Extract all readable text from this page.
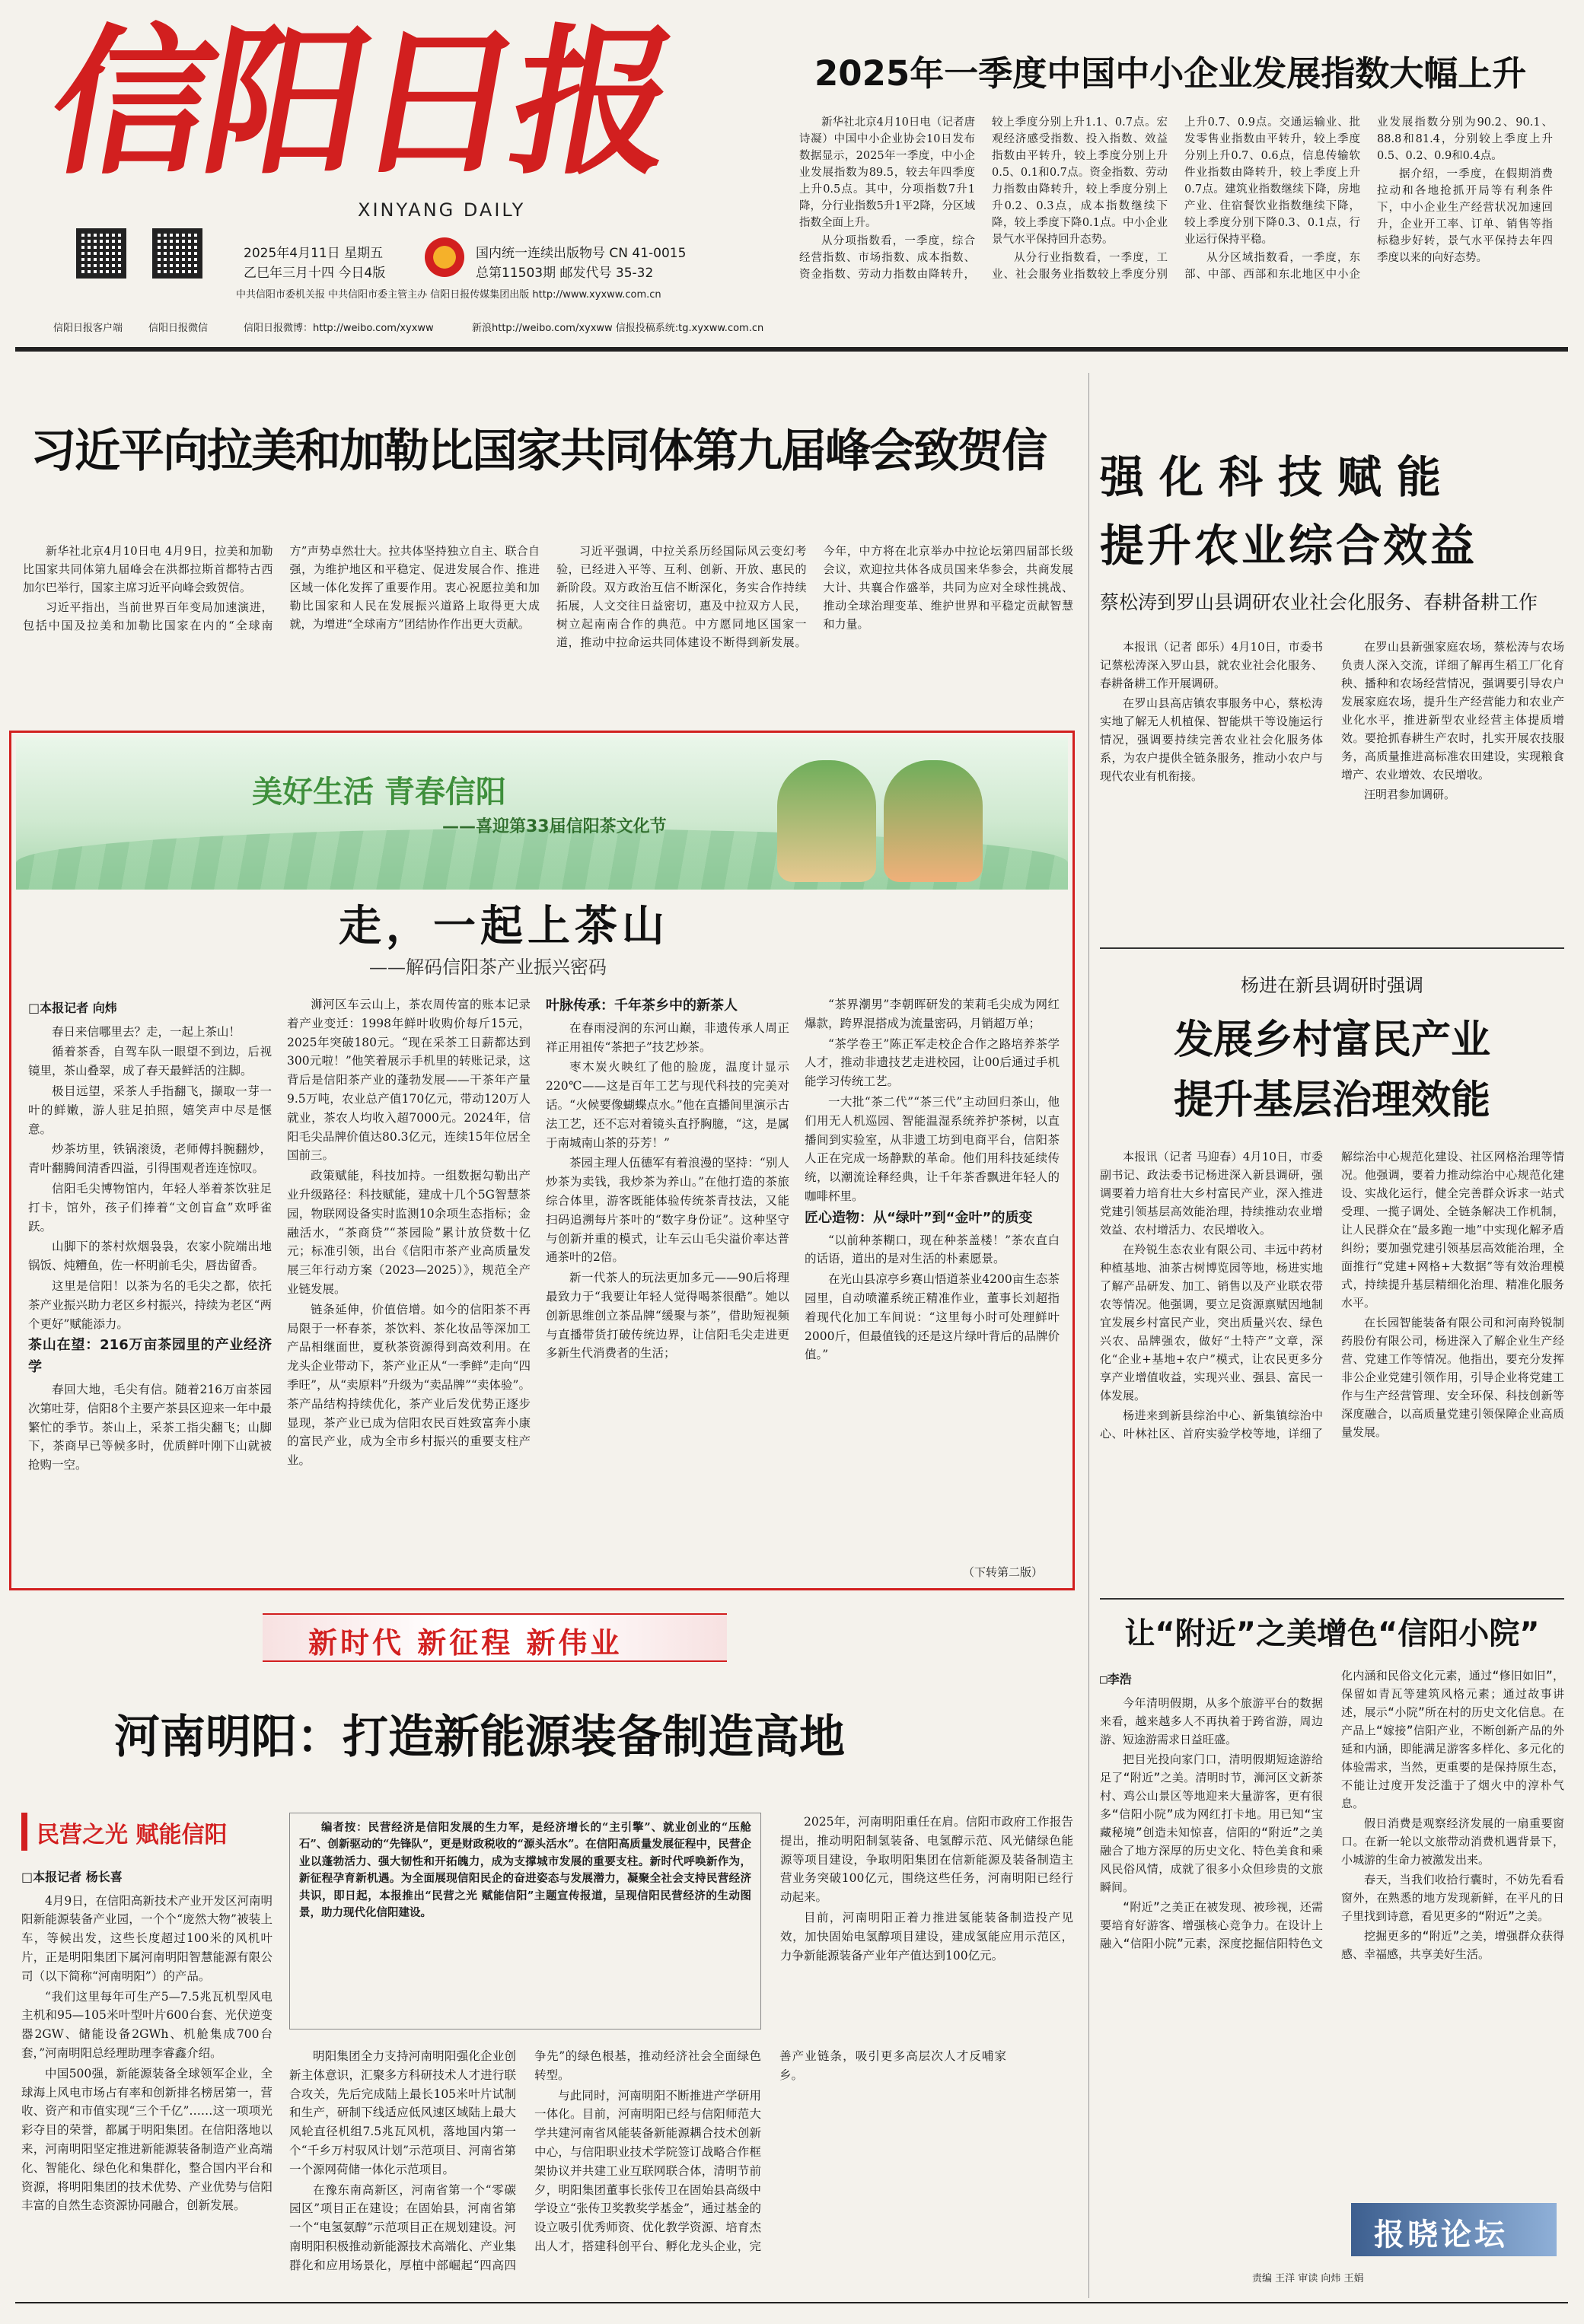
信阳日报
XINYANG DAILY
2025年4月11日 星期五
乙巳年三月十四 今日4版
国内统一连续出版物号 CN 41-0015
总第11503期 邮发代号 35-32
中共信阳市委机关报 中共信阳市委主管主办 信阳日报传媒集团出版 http://www.xyxww.com.cn
信阳日报客户端	信阳日报微信	信阳日报微博：http://weibo.com/xyxww	新浪http://weibo.com/xyxww 信报投稿系统:tg.xyxww.com.cn
2025年一季度中国中小企业发展指数大幅上升

新华社北京4月10日电（记者唐诗凝）中国中小企业协会10日发布数据显示，2025年一季度，中小企业发展指数为89.5，较去年四季度上升0.5点。其中，分项指数7升1降，分行业指数5升1平2降，分区域指数全面上升。

从分项指数看，一季度，综合经营指数、市场指数、成本指数、资金指数、劳动力指数由降转升，较上季度分别上升1.1、0.7点。宏观经济感受指数、投入指数、效益指数由平转升，较上季度分别上升0.5、0.1和0.7点。资金指数、劳动力指数由降转升，较上季度分别上升0.2、0.3点，成本指数继续下降，较上季度下降0.1点。中小企业景气水平保持回升态势。

从分行业指数看，一季度，工业、社会服务业指数较上季度分别上升0.7、0.9点。交通运输业、批发零售业指数由平转升，较上季度分别上升0.7、0.6点，信息传输软件业指数由降转升，较上季度上升0.7点。建筑业指数继续下降，房地产业、住宿餐饮业指数继续下降，较上季度分别下降0.3、0.1点，行业运行保持平稳。

从分区域指数看，一季度，东部、中部、西部和东北地区中小企业发展指数分别为90.2、90.1、88.8和81.4，分别较上季度上升0.5、0.2、0.9和0.4点。

据介绍，一季度，在假期消费拉动和各地抢抓开局等有利条件下，中小企业生产经营状况加速回升，企业开工率、订单、销售等指标稳步好转，景气水平保持去年四季度以来的向好态势。

习近平向拉美和加勒比国家共同体第九届峰会致贺信

新华社北京4月10日电 4月9日，拉美和加勒比国家共同体第九届峰会在洪都拉斯首都特古西加尔巴举行，国家主席习近平向峰会致贺信。

习近平指出，当前世界百年变局加速演进，包括中国及拉美和加勒比国家在内的“全球南方”声势卓然壮大。拉共体坚持独立自主、联合自强，为维护地区和平稳定、促进发展合作、推进区域一体化发挥了重要作用。衷心祝愿拉美和加勒比国家和人民在发展振兴道路上取得更大成就，为增进“全球南方”团结协作作出更大贡献。

习近平强调，中拉关系历经国际风云变幻考验，已经进入平等、互利、创新、开放、惠民的新阶段。双方政治互信不断深化，务实合作持续拓展，人文交往日益密切，惠及中拉双方人民，树立起南南合作的典范。中方愿同地区国家一道，推动中拉命运共同体建设不断得到新发展。今年，中方将在北京举办中拉论坛第四届部长级会议，欢迎拉共体各成员国来华参会，共商发展大计、共襄合作盛举，共同为应对全球性挑战、推动全球治理变革、维护世界和平稳定贡献智慧和力量。

强化科技赋能
提升农业综合效益
蔡松涛到罗山县调研农业社会化服务、春耕备耕工作

本报讯（记者 郎乐）4月10日，市委书记蔡松涛深入罗山县，就农业社会化服务、春耕备耕工作开展调研。

在罗山县高店镇农事服务中心，蔡松涛实地了解无人机植保、智能烘干等设施运行情况，强调要持续完善农业社会化服务体系，为农户提供全链条服务，推动小农户与现代农业有机衔接。

在罗山县新强家庭农场，蔡松涛与农场负责人深入交流，详细了解再生稻工厂化育秧、播种和农场经营情况，强调要引导农户发展家庭农场，提升生产经营能力和农业产业化水平，推进新型农业经营主体提质增效。要抢抓春耕生产农时，扎实开展农技服务，高质量推进高标准农田建设，实现粮食增产、农业增效、农民增收。

汪明君参加调研。

杨进在新县调研时强调
发展乡村富民产业
提升基层治理效能

本报讯（记者 马迎春）4月10日，市委副书记、政法委书记杨进深入新县调研，强调要着力培育壮大乡村富民产业，深入推进党建引领基层高效能治理，持续推动农业增效益、农村增活力、农民增收入。

在羚锐生态农业有限公司、丰远中药材种植基地、油茶古树博览园等地，杨进实地了解产品研发、加工、销售以及产业联农带农等情况。他强调，要立足资源禀赋因地制宜发展乡村富民产业，突出质量兴农、绿色兴农、品牌强农，做好“土特产”文章，深化“企业+基地+农户”模式，让农民更多分享产业增值收益，实现兴业、强县、富民一体发展。

杨进来到新县综治中心、新集镇综治中心、叶林社区、首府实验学校等地，详细了解综治中心规范化建设、社区网格治理等情况。他强调，要着力推动综治中心规范化建设、实战化运行，健全完善群众诉求一站式受理、一揽子调处、全链条解决工作机制，让人民群众在“最多跑一地”中实现化解矛盾纠纷；要加强党建引领基层高效能治理，全面推行“党建+网格+大数据”等有效治理模式，持续提升基层精细化治理、精准化服务水平。

在长园智能装备有限公司和河南羚锐制药股份有限公司，杨进深入了解企业生产经营、党建工作等情况。他指出，要充分发挥非公企业党建引领作用，引导企业将党建工作与生产经营管理、安全环保、科技创新等深度融合，以高质量党建引领保障企业高质量发展。

美好生活 青春信阳
——喜迎第33届信阳茶文化节
走，一起上茶山
——解码信阳茶产业振兴密码
□本报记者 向炜

春日来信哪里去？走，一起上茶山！

循着茶香，自驾车队一眼望不到边，后视镜里，茶山叠翠，成了春天最鲜活的注脚。

极目远望，采茶人手指翻飞，撷取一芽一叶的鲜嫩，游人驻足拍照，嬉笑声中尽是惬意。

炒茶坊里，铁锅滚烫，老师傅抖腕翻炒，青叶翻腾间清香四溢，引得围观者连连惊叹。

信阳毛尖博物馆内，年轻人举着茶饮驻足打卡，馆外，孩子们捧着“文创盲盒”欢呼雀跃。

山脚下的茶村炊烟袅袅，农家小院端出地锅饭、炖糟鱼，佐一杯明前毛尖，唇齿留香。

这里是信阳！以茶为名的毛尖之都，依托茶产业振兴助力老区乡村振兴，持续为老区“两个更好”赋能添力。

茶山在望：216万亩茶园里的产业经济学

春回大地，毛尖有信。随着216万亩茶园次第吐芽，信阳8个主要产茶县区迎来一年中最繁忙的季节。茶山上，采茶工指尖翻飞；山脚下，茶商早已等候多时，优质鲜叶刚下山就被抢购一空。

浉河区车云山上，茶农周传富的账本记录着产业变迁：1998年鲜叶收购价每斤15元，2025年突破180元。“现在采茶工日薪都达到300元啦！”他笑着展示手机里的转账记录，这背后是信阳茶产业的蓬勃发展——干茶年产量9.5万吨，农业总产值170亿元，带动120万人就业，茶农人均收入超7000元。2024年，信阳毛尖品牌价值达80.3亿元，连续15年位居全国前三。

政策赋能，科技加持。一组数据勾勒出产业升级路径：科技赋能，建成十几个5G智慧茶园，物联网设备实时监测10余项生态指标；金融活水，“茶商贷”“茶园险”累计放贷数十亿元；标准引领，出台《信阳市茶产业高质量发展三年行动方案（2023—2025）》，规范全产业链发展。

链条延伸，价值倍增。如今的信阳茶不再局限于一杯春茶，茶饮料、茶化妆品等深加工产品相继面世，夏秋茶资源得到高效利用。在龙头企业带动下，茶产业正从“一季鲜”走向“四季旺”，从“卖原料”升级为“卖品牌”“卖体验”。茶产品结构持续优化，茶产业后发优势正逐步显现，茶产业已成为信阳农民百姓致富奔小康的富民产业，成为全市乡村振兴的重要支柱产业。

叶脉传承：千年茶乡中的新茶人

在春雨浸润的东河山巅，非遗传承人周正祥正用祖传“茶把子”技艺炒茶。

枣木炭火映红了他的脸庞，温度计显示220℃——这是百年工艺与现代科技的完美对话。“火候要像蝴蝶点水。”他在直播间里演示古法工艺，还不忘对着镜头直抒胸臆，“这，是属于南城南山茶的芬芳！”

茶园主理人伍德军有着浪漫的坚持：“别人炒茶为卖钱，我炒茶为养山。”在他打造的茶旅综合体里，游客既能体验传统茶青技法，又能扫码追溯每片茶叶的“数字身份证”。这种坚守与创新并重的模式，让车云山毛尖溢价率达普通茶叶的2倍。

新一代茶人的玩法更加多元——90后将理最致力于“我要让年轻人觉得喝茶很酷”。她以创新思维创立茶品牌“缓聚与茶”，借助短视频与直播带货打破传统边界，让信阳毛尖走进更多新生代消费者的生活；

“茶界潮男”李朝晖研发的茉莉毛尖成为网红爆款，跨界混搭成为流量密码，月销超万单；

“茶学卷王”陈正军走校企合作之路培养茶学人才，推动非遗技艺走进校园，让00后通过手机能学习传统工艺。

一大批“茶二代”“茶三代”主动回归茶山，他们用无人机巡园、智能温湿系统养护茶树，以直播间到实验室，从非遗工坊到电商平台，信阳茶人正在完成一场静默的革命。他们用科技延续传统，以潮流诠释经典，让千年茶香飘进年轻人的咖啡杯里。

匠心造物：从“绿叶”到“金叶”的质变

“以前种茶糊口，现在种茶盖楼！”茶农直白的话语，道出的是对生活的朴素愿景。

在光山县凉亭乡赛山悟道茶业4200亩生态茶园里，自动喷灌系统正精准作业，董事长刘超指着现代化加工车间说：“这里每小时可处理鲜叶2000斤，但最值钱的还是这片绿叶背后的品牌价值。”

（下转第二版）
新时代 新征程 新伟业
河南明阳：打造新能源装备制造高地
民营之光 赋能信阳	编者按：民营经济是信阳发展的生力军，是经济增长的“主引擎”、就业创业的“压舱石”、创新驱动的“先锋队”，更是财政税收的“源头活水”。在信阳高质量发展征程中，民营企业以蓬勃活力、强大韧性和开拓魄力，成为支撑城市发展的重要支柱。新时代呼唤新作为，新征程孕育新机遇。为全面展现信阳民企的奋进姿态与发展潜力，凝聚全社会支持民营经济共识，即日起，本报推出“民营之光 赋能信阳”主题宣传报道，呈现信阳民营经济的生动图景，助力现代化信阳建设。

□本报记者 杨长喜

4月9日，在信阳高新技术产业开发区河南明阳新能源装备产业园，一个个“庞然大物”被装上车，等候出发，这些长度超过100米的风机叶片，正是明阳集团下属河南明阳智慧能源有限公司（以下简称“河南明阳”）的产品。

“我们这里每年可生产5—7.5兆瓦机型风电主机和95—105米叶型叶片600台套、光伏逆变器2GW、储能设备2GWh、机舱集成700台套，”河南明阳总经理助理李睿鑫介绍。

中国500强，新能源装备全球领军企业，全球海上风电市场占有率和创新排名榜居第一，营收、资产和市值实现“三个千亿”……这一项项光彩夺目的荣誉，都属于明阳集团。在信阳落地以来，河南明阳坚定推进新能源装备制造产业高端化、智能化、绿色化和集群化，整合国内平台和资源，将明阳集团的技术优势、产业优势与信阳丰富的自然生态资源协同融合，创新发展。

明阳集团全力支持河南明阳强化企业创新主体意识，汇聚多方科研技术人才进行联合攻关，先后完成陆上最长105米叶片试制和生产，研制下线适应低风速区域陆上最大风轮直径机组7.5兆瓦风机，落地国内第一个“千乡万村驭风计划”示范项目、河南省第一个源网荷储一体化示范项目。

在豫东南高新区，河南省第一个“零碳园区”项目正在建设；在固始县，河南省第一个“电氢氨醇”示范项目正在规划建设。河南明阳积极推动新能源技术高端化、产业集群化和应用场景化，厚植中部崛起“四高四争先”的绿色根基，推动经济社会全面绿色转型。

与此同时，河南明阳不断推进产学研用一体化。目前，河南明阳已经与信阳师范大学共建河南省风能装备新能源耦合技术创新中心，与信阳职业技术学院签订战略合作框架协议并共建工业互联网联合体，清明节前夕，明阳集团董事长张传卫在固始县高级中学设立“张传卫奖教奖学基金”，通过基金的设立吸引优秀师资、优化教学资源、培育杰出人才，搭建科创平台、孵化龙头企业，完善产业链条，吸引更多高层次人才反哺家乡。

2025年，河南明阳重任在肩。信阳市政府工作报告提出，推动明阳制氢装备、电氢醇示范、风光储绿色能源等项目建设，争取明阳集团在信新能源及装备制造主营业务突破100亿元，围绕这些任务，河南明阳已经行动起来。

目前，河南明阳正着力推进氢能装备制造投产见效，加快固始电氢醇项目建设，建成氢能应用示范区，力争新能源装备产业年产值达到100亿元。

让“附近”之美增色“信阳小院”
□李浩

今年清明假期，从多个旅游平台的数据来看，越来越多人不再执着于跨省游，周边游、短途游需求日益旺盛。

把目光投向家门口，清明假期短途游给足了“附近”之美。清明时节，浉河区文新茶村、鸡公山景区等地迎来大量游客，更有很多“信阳小院”成为网红打卡地。用已知“宝藏秘境”创造未知惊喜，信阳的“附近”之美融合了地方深厚的历史文化、特色美食和乘风民俗风情，成就了很多小众但珍贵的文旅瞬间。

“附近”之美正在被发现、被珍视，还需要培育好游客、增强核心竞争力。在设计上融入“信阳小院”元素，深度挖掘信阳特色文化内涵和民俗文化元素，通过“修旧如旧”，保留如青瓦等建筑风格元素；通过故事讲述，展示“小院”所在村的历史文化信息。在产品上“嫁接”信阳产业，不断创新产品的外延和内涵，即能满足游客多样化、多元化的体验需求，当然，更重要的是保持原生态，不能让过度开发泛滥于了烟火中的淳朴气息。

假日消费是观察经济发展的一扇重要窗口。在新一轮以文旅带动消费机遇背景下，小城游的生命力被激发出来。

春天，当我们收拾行囊时，不妨先看看窗外，在熟悉的地方发现新鲜，在平凡的日子里找到诗意，看见更多的“附近”之美。

挖掘更多的“附近”之美，增强群众获得感、幸福感，共享美好生活。

报晓论坛
责编 王洋 审读 向炜 王娟
